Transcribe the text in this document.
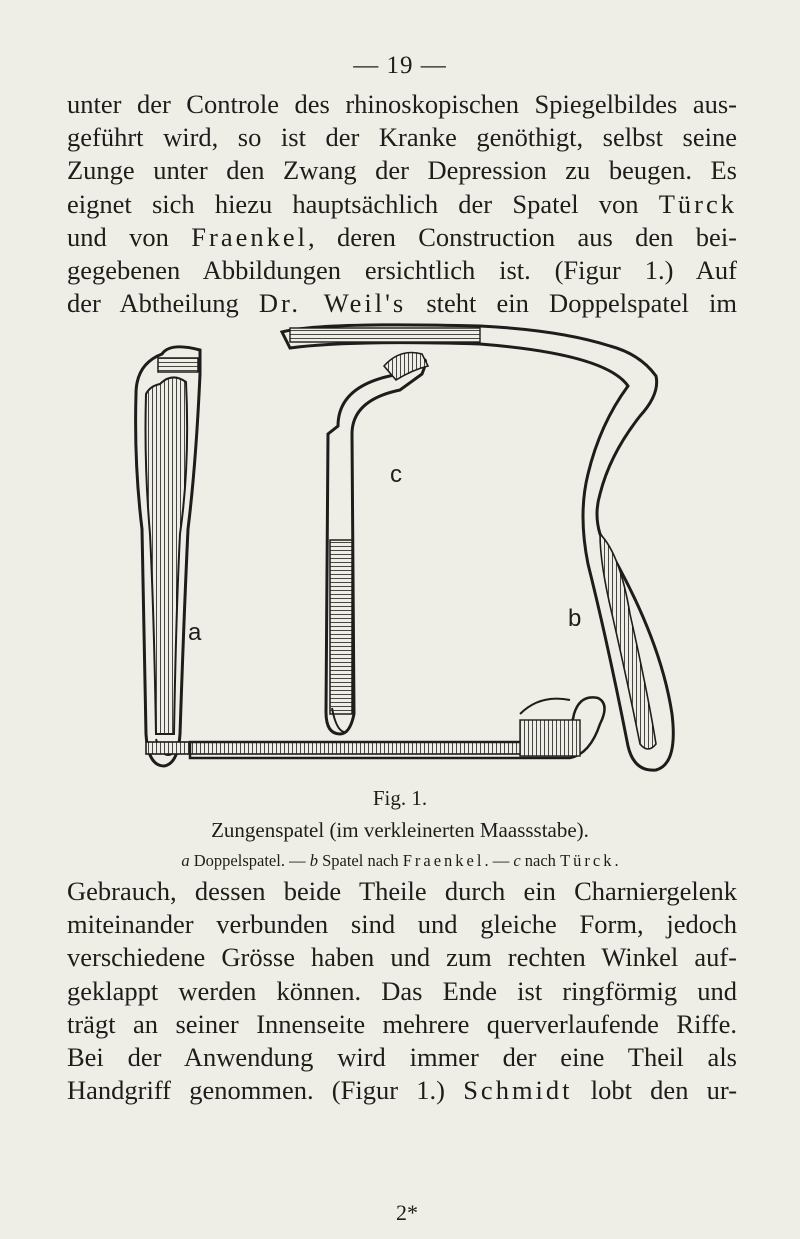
— 19 —
unter der Controle des rhinoskopischen Spiegelbildes aus-
geführt wird, so ist der Kranke genöthigt, selbst seine
Zunge unter den Zwang der Depression zu beugen. Es
eignet sich hiezu hauptsächlich der Spatel von Türck
und von Fraenkel, deren Construction aus den bei-
gegebenen Abbildungen ersichtlich ist. (Figur 1.) Auf
der Abtheilung Dr. Weil's steht ein Doppelspatel im
c
a
b
Fig. 1.
Zungenspatel (im verkleinerten Maassstabe).
a Doppelspatel. — b Spatel nach Fraenkel. — c nach Türck.
Gebrauch, dessen beide Theile durch ein Charniergelenk
miteinander verbunden sind und gleiche Form, jedoch
verschiedene Grösse haben und zum rechten Winkel auf-
geklappt werden können. Das Ende ist ringförmig und
trägt an seiner Innenseite mehrere querverlaufende Riffe.
Bei der Anwendung wird immer der eine Theil als
Handgriff genommen. (Figur 1.) Schmidt lobt den ur-
2*
